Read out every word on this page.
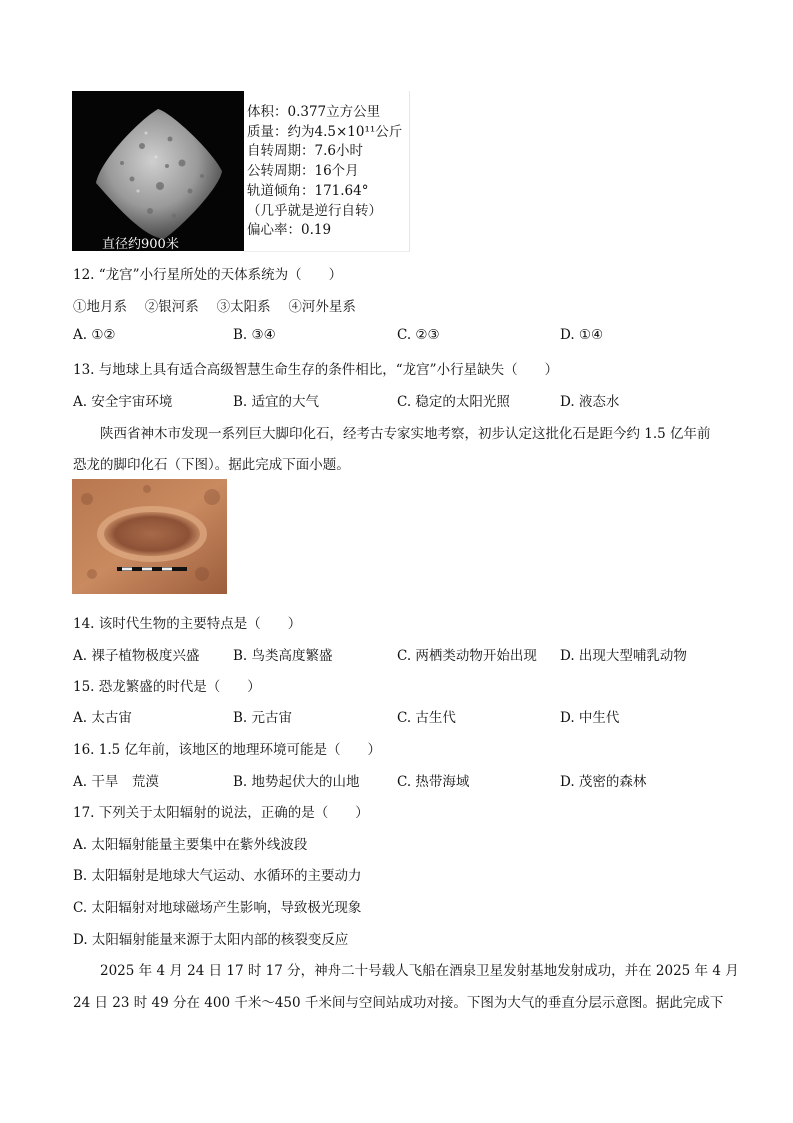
直径约900米
体积：0.377立方公里
质量：约为4.5×10¹¹公斤
自转周期：7.6小时
公转周期：16个月
轨道倾角：171.64°
（几乎就是逆行自转）
偏心率：0.19
12. “龙宫”小行星所处的天体系统为（　　）
①地月系　 ②银河系　 ③太阳系　 ④河外星系
A. ①②	B. ③④	C. ②③	D. ①④
13. 与地球上具有适合高级智慧生命生存的条件相比，“龙宫”小行星缺失（　　）
A. 安全宇宙环境	B. 适宜的大气	C. 稳定的太阳光照	D. 液态水
陕西省神木市发现一系列巨大脚印化石，经考古专家实地考察，初步认定这批化石是距今约 1.5 亿年前
恐龙的脚印化石（下图）。据此完成下面小题。
14. 该时代生物的主要特点是（　　）
A. 裸子植物极度兴盛 B. 鸟类高度繁盛	C. 两栖类动物开始出现 D. 出现大型哺乳动物
15. 恐龙繁盛的时代是（　　）
A. 太古宙	B. 元古宙	C. 古生代	D. 中生代
16. 1.5 亿年前，该地区的地理环境可能是（　　）
A. 干旱　荒漠	B. 地势起伏大的山地	C. 热带海域	D. 茂密的森林
17. 下列关于太阳辐射的说法，正确的是（　　）
A. 太阳辐射能量主要集中在紫外线波段
B. 太阳辐射是地球大气运动、水循环的主要动力
C. 太阳辐射对地球磁场产生影响，导致极光现象
D. 太阳辐射能量来源于太阳内部的核裂变反应
2025 年 4 月 24 日 17 时 17 分，神舟二十号载人飞船在酒泉卫星发射基地发射成功，并在 2025 年 4 月
24 日 23 时 49 分在 400 千米～450 千米间与空间站成功对接。下图为大气的垂直分层示意图。据此完成下
